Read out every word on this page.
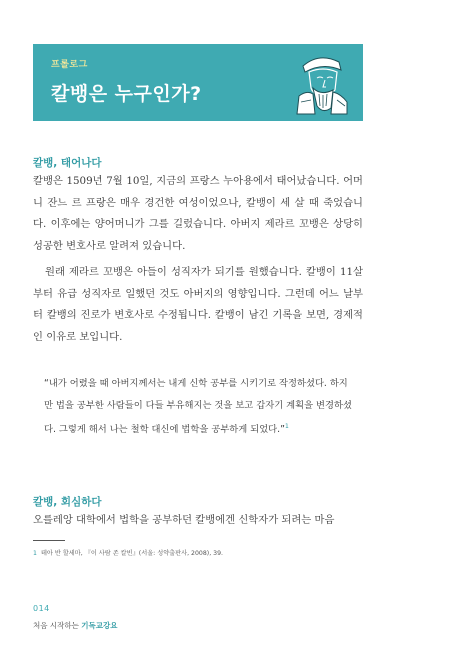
프롤로그
칼뱅은 누구인가?
칼뱅, 태어나다

칼뱅은 1509년 7월 10일, 지금의 프랑스 누아용에서 태어났습니다. 어머니 잔느 르 프랑은 매우 경건한 여성이었으나, 칼뱅이 세 살 때 죽었습니다. 이후에는 양어머니가 그를 길렀습니다. 아버지 제라르 꼬뱅은 상당히 성공한 변호사로 알려져 있습니다.

원래 제라르 꼬뱅은 아들이 성직자가 되기를 원했습니다. 칼뱅이 11살부터 유급 성직자로 일했던 것도 아버지의 영향입니다. 그런데 어느 날부터 칼뱅의 진로가 변호사로 수정됩니다. 칼뱅이 남긴 기록을 보면, 경제적인 이유로 보입니다.

“내가 어렸을 때 아버지께서는 내게 신학 공부를 시키기로 작정하셨다. 하지만 법을 공부한 사람들이 다들 부유해지는 것을 보고 갑자기 계획을 변경하셨다. 그렇게 해서 나는 철학 대신에 법학을 공부하게 되었다.”$^1$

칼뱅, 회심하다

오를레앙 대학에서 법학을 공부하던 칼뱅에겐 신학자가 되려는 마음

1 테아 반 할세마, 『이 사람 존 칼빈』(서울: 성약출판사, 2008), 39.
014
처음 시작하는 기독교강요
